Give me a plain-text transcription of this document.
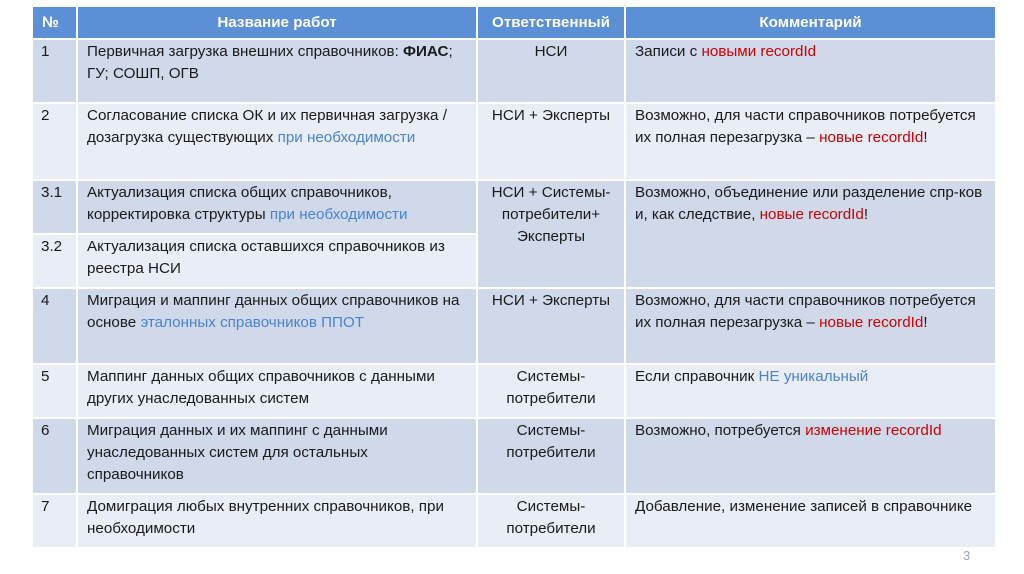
№	Название работ	Ответственный	Комментарий
1	Первичная загрузка внешних справочников: ФИАС; ГУ; СОШП, ОГВ	НСИ	Записи с новыми recordId
2	Согласование списка ОК и их первичная загрузка / дозагрузка существующих при необходимости	НСИ + Эксперты	Возможно, для части справочников потребуется их полная перезагрузка – новые recordId!
3.1	Актуализация списка общих справочников, корректировка структуры при необходимости	НСИ + Системы-потребители+ Эксперты	Возможно, объединение или разделение спр-ков и, как следствие, новые recordId!
3.2	Актуализация списка оставшихся справочников из реестра НСИ		
4	Миграция и маппинг данных общих справочников на основе эталонных справочников ППОТ	НСИ + Эксперты	Возможно, для части справочников потребуется их полная перезагрузка – новые recordId!
5	Маппинг данных общих справочников с данными других унаследованных систем	Системы-потребители	Если справочник НЕ уникальный
6	Миграция данных и их маппинг с данными унаследованных систем для остальных справочников	Системы-потребители	Возможно, потребуется изменение recordId
7	Домиграция любых внутренних справочников, при необходимости	Системы-потребители	Добавление, изменение записей в справочнике
3
